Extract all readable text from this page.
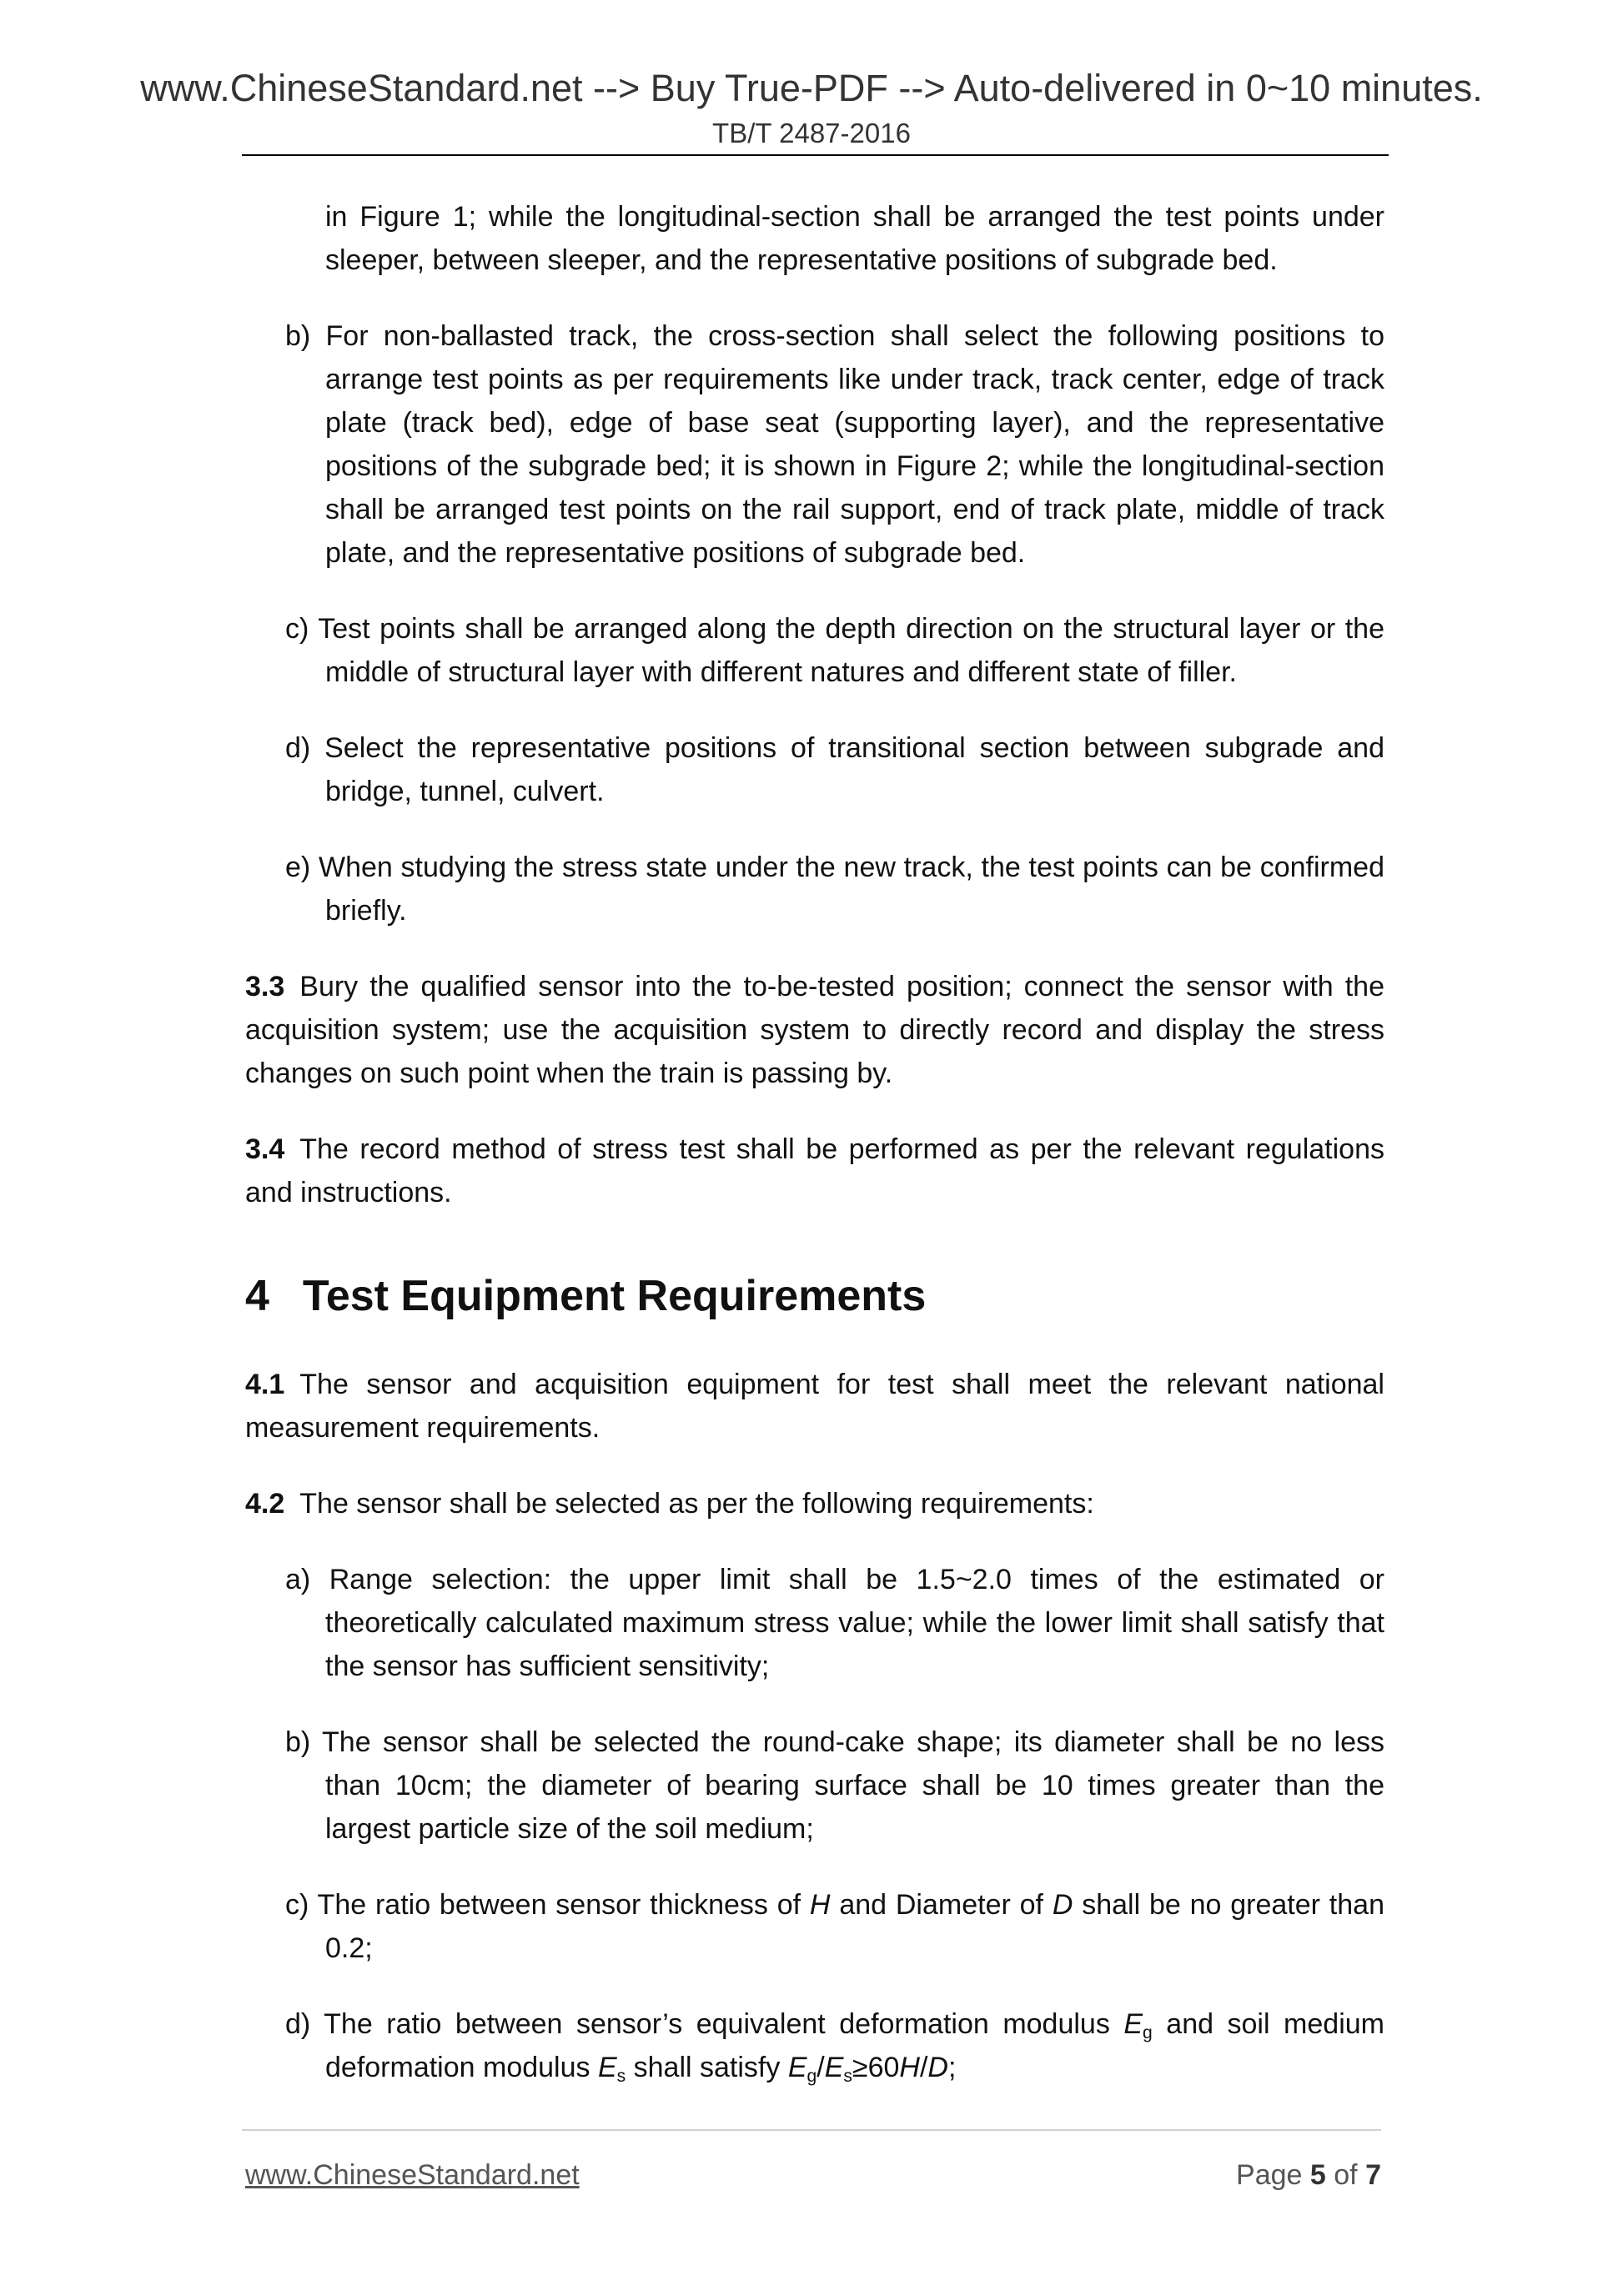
www.ChineseStandard.net --> Buy True-PDF --> Auto-delivered in 0~10 minutes.
TB/T 2487-2016

in Figure 1; while the longitudinal-section shall be arranged the test points under sleeper, between sleeper, and the representative positions of subgrade bed.

b) For non-ballasted track, the cross-section shall select the following positions to arrange test points as per requirements like under track, track center, edge of track plate (track bed), edge of base seat (supporting layer), and the representative positions of the subgrade bed; it is shown in Figure 2; while the longitudinal-section shall be arranged test points on the rail support, end of track plate, middle of track plate, and the representative positions of subgrade bed.

c) Test points shall be arranged along the depth direction on the structural layer or the middle of structural layer with different natures and different state of filler.

d) Select the representative positions of transitional section between subgrade and bridge, tunnel, culvert.

e) When studying the stress state under the new track, the test points can be confirmed briefly.

3.3 Bury the qualified sensor into the to-be-tested position; connect the sensor with the acquisition system; use the acquisition system to directly record and display the stress changes on such point when the train is passing by.

3.4 The record method of stress test shall be performed as per the relevant regulations and instructions.

4 Test Equipment Requirements

4.1 The sensor and acquisition equipment for test shall meet the relevant national measurement requirements.

4.2 The sensor shall be selected as per the following requirements:

a) Range selection: the upper limit shall be 1.5~2.0 times of the estimated or theoretically calculated maximum stress value; while the lower limit shall satisfy that the sensor has sufficient sensitivity;

b) The sensor shall be selected the round-cake shape; its diameter shall be no less than 10cm; the diameter of bearing surface shall be 10 times greater than the largest particle size of the soil medium;

c) The ratio between sensor thickness of H and Diameter of D shall be no greater than 0.2;

d) The ratio between sensor’s equivalent deformation modulus $E_g$ and soil medium deformation modulus $E_s$ shall satisfy $E_g/E_s\ge 60H/D$;

www.ChineseStandard.net	Page 5 of 7
